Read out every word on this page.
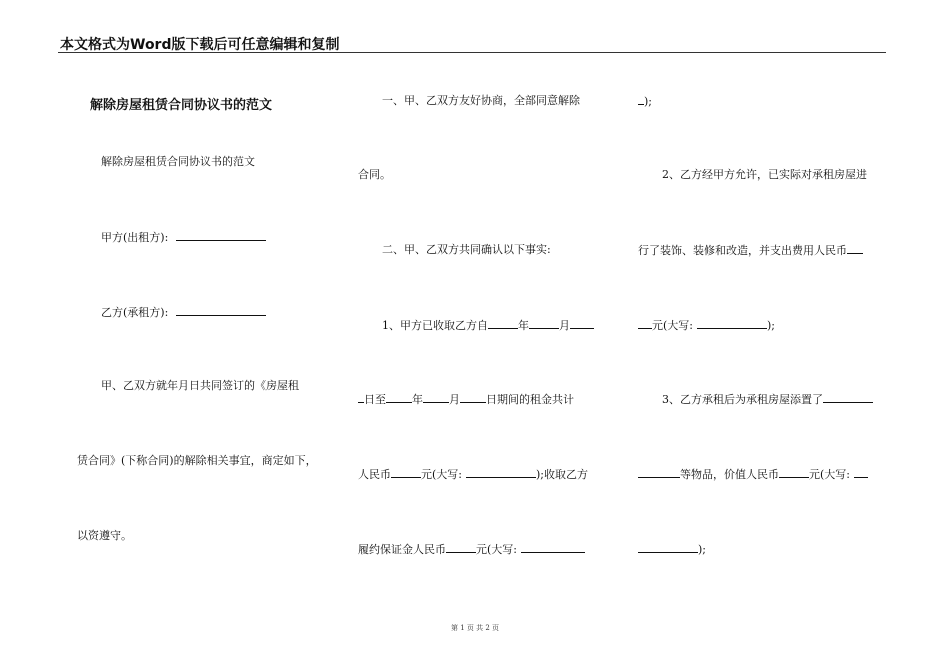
本文格式为Word版下载后可任意编辑和复制
解除房屋租赁合同协议书的范文
解除房屋租赁合同协议书的范文
甲方(出租方):
乙方(承租方):
甲、乙双方就年月日共同签订的《房屋租
赁合同》(下称合同)的解除相关事宜，商定如下，
以资遵守。
一、甲、乙双方友好协商，全部同意解除
合同。
二、甲、乙双方共同确认以下事实:
1、甲方已收取乙方自	年	月
日至 年 月 日期间的租金共计
人民币	元(大写:	);收取乙方
履约保证金人民币	元(大写:
);
2、乙方经甲方允许，已实际对承租房屋进
行了装饰、装修和改造，并支出费用人民币
元(大写:	);
3、乙方承租后为承租房屋添置了
等物品，价值人民币	元(大写:
);
第 1 页 共 2 页
